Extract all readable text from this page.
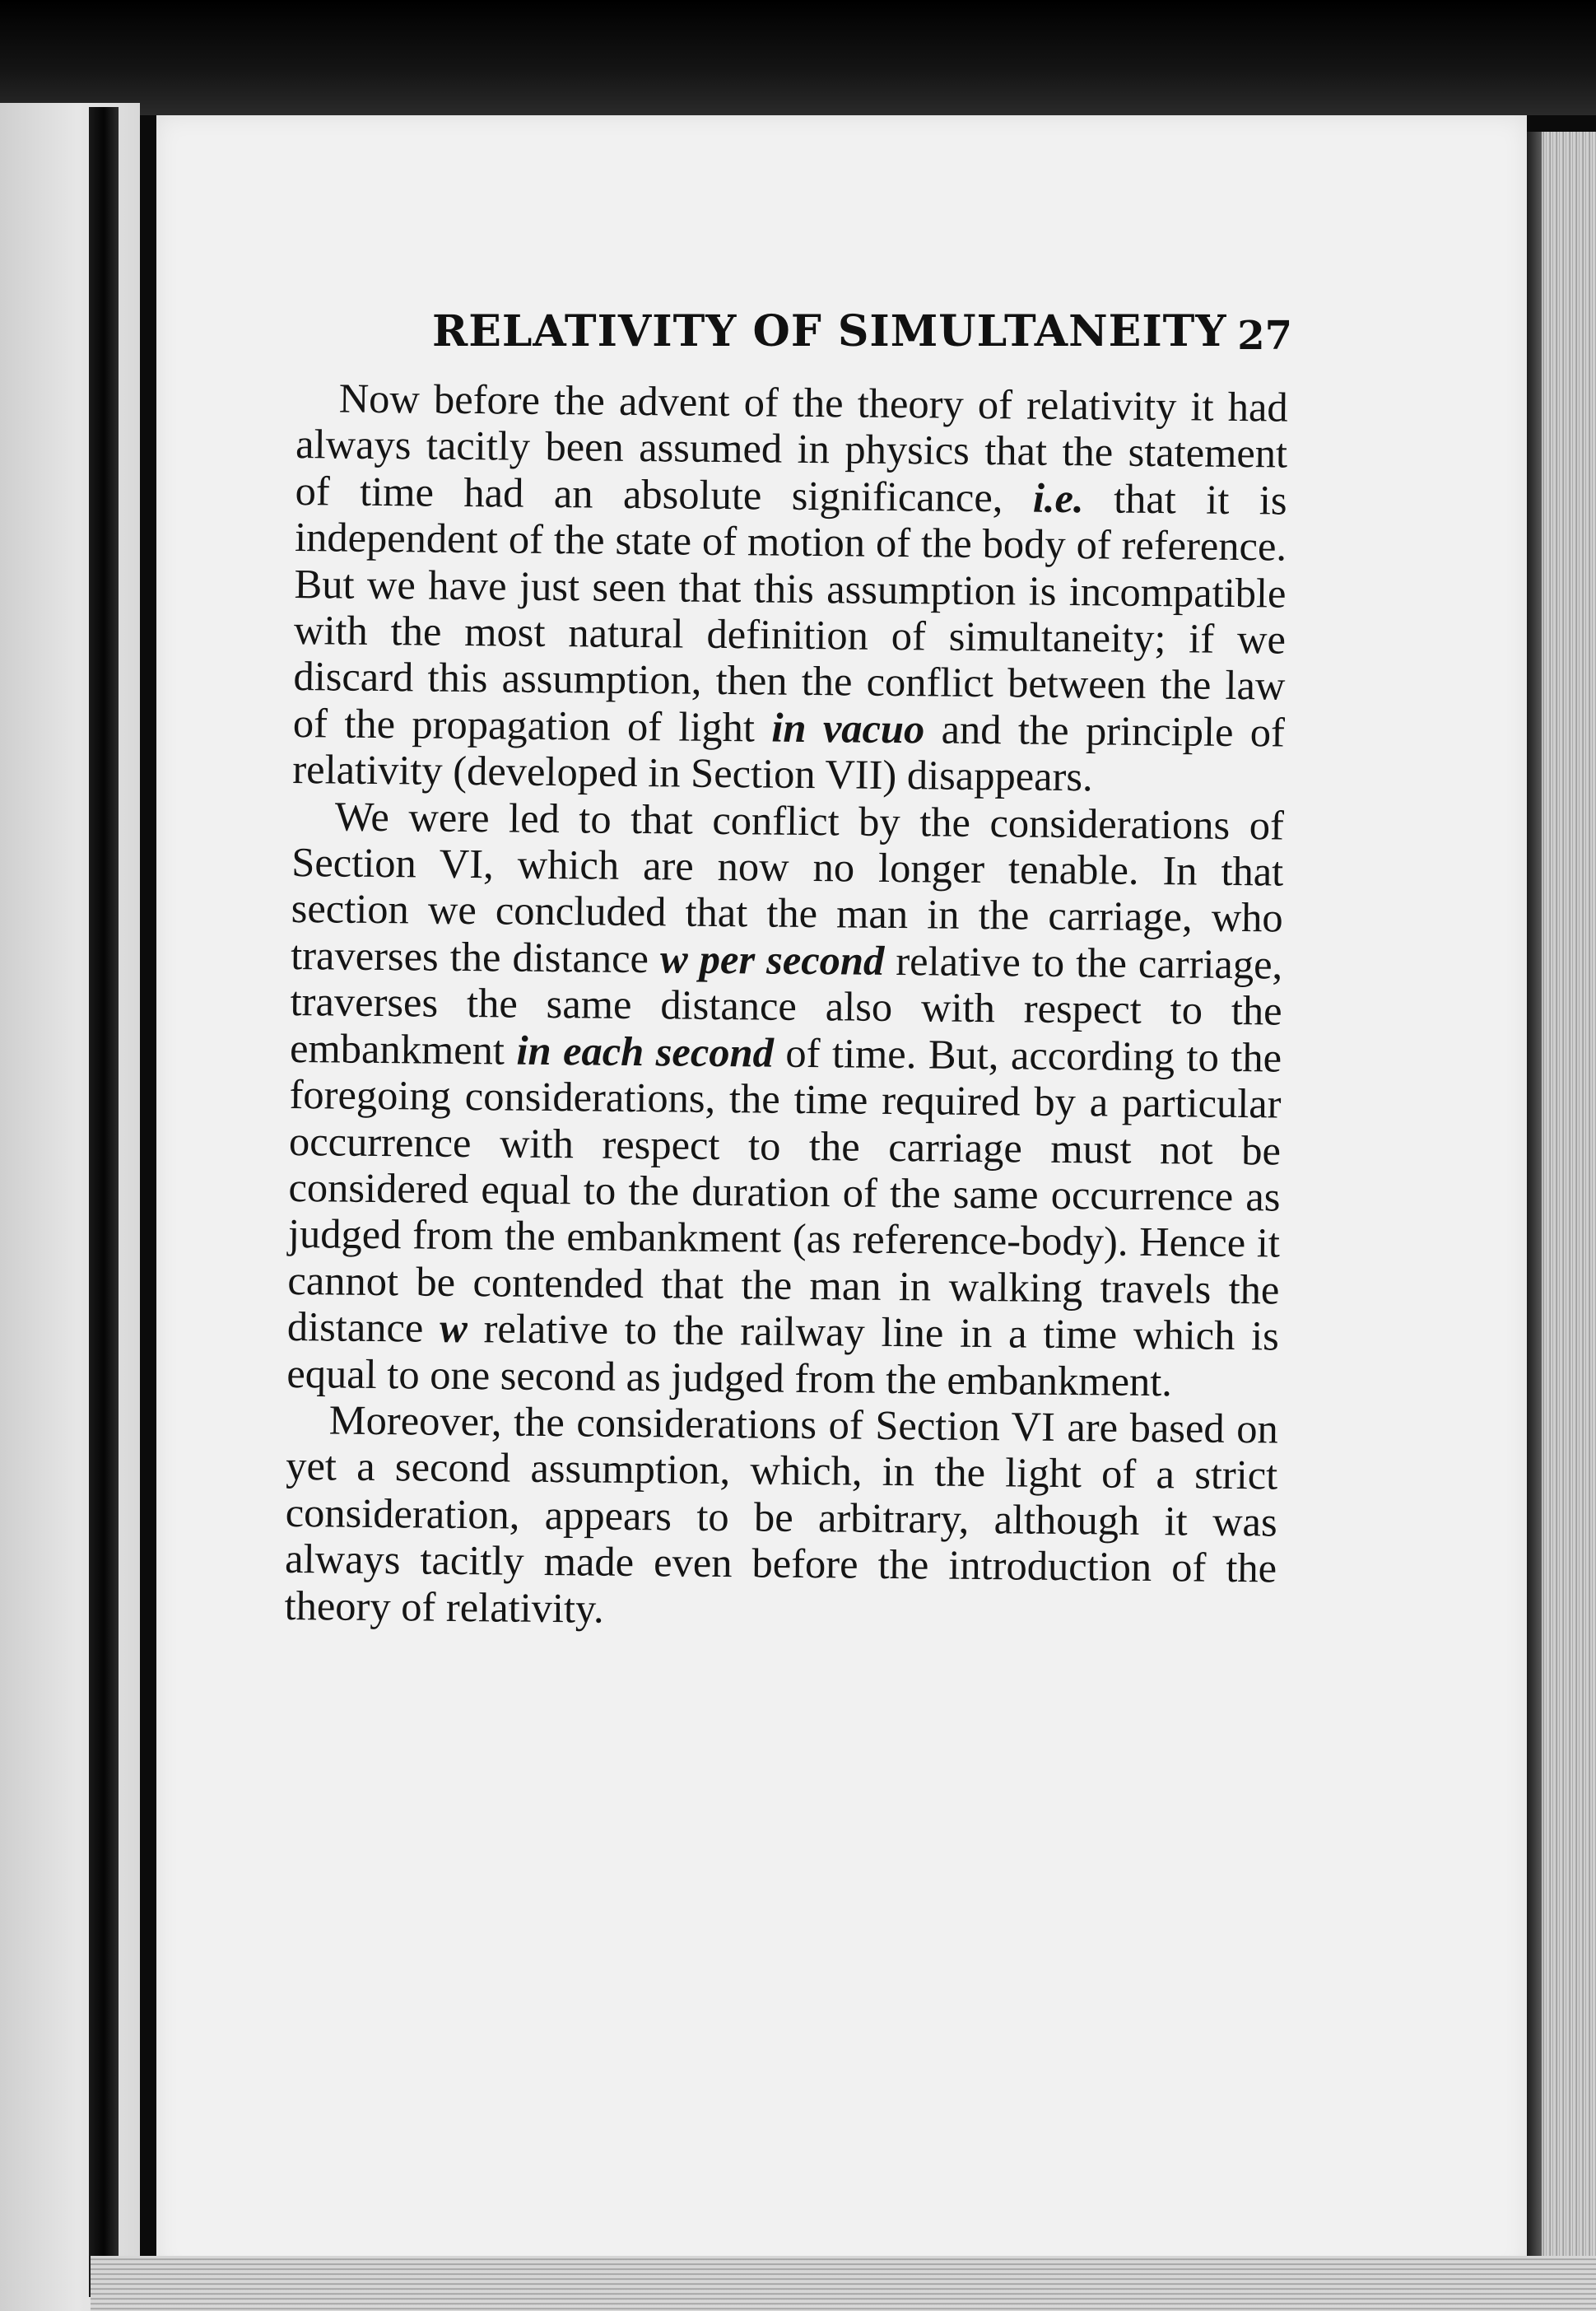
RELATIVITY OF SIMULTANEITY 27

Now before the advent of the theory of relativity it had always tacitly been assumed in physics that the statement of time had an absolute significance, i.e. that it is independent of the state of motion of the body of reference. But we have just seen that this assumption is incompatible with the most natural definition of simultaneity; if we discard this assumption, then the conflict between the law of the propagation of light in vacuo and the principle of relativity (developed in Section VII) disappears.

We were led to that conflict by the considerations of Section VI, which are now no longer tenable. In that section we concluded that the man in the carriage, who traverses the distance w per second relative to the carriage, traverses the same distance also with respect to the embankment in each second of time. But, according to the foregoing considerations, the time required by a particular occurrence with respect to the carriage must not be considered equal to the duration of the same occurrence as judged from the embankment (as reference-body). Hence it cannot be contended that the man in walking travels the distance w relative to the railway line in a time which is equal to one second as judged from the embankment.

Moreover, the considerations of Section VI are based on yet a second assumption, which, in the light of a strict consideration, appears to be arbitrary, although it was always tacitly made even before the introduction of the theory of relativity.
